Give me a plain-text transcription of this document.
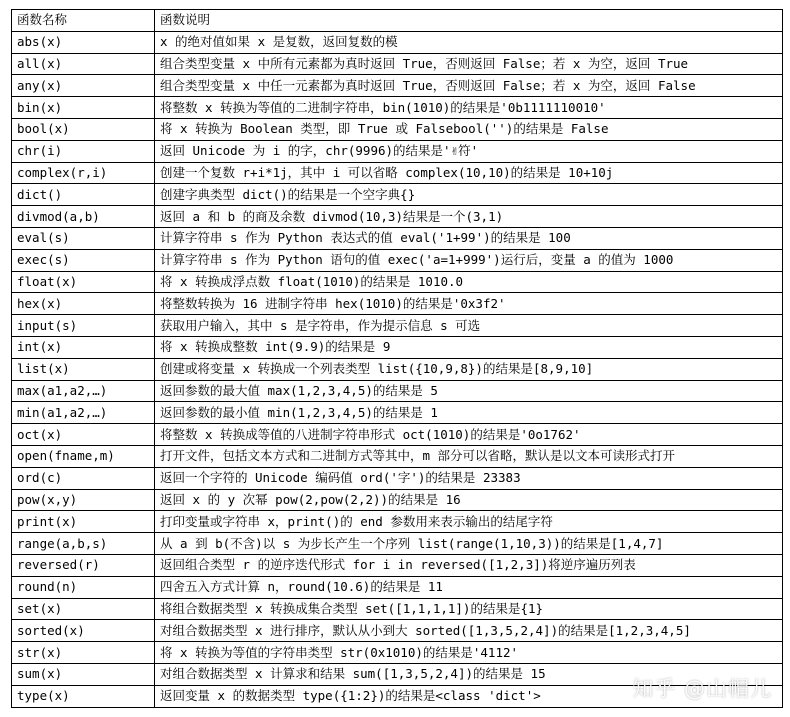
函数名称	函数说明
abs(x)	x 的绝对值如果 x 是复数，返回复数的模
all(x)	组合类型变量 x 中所有元素都为真时返回 True，否则返回 False；若 x 为空，返回 True
any(x)	组合类型变量 x 中任一元素都为真时返回 True，否则返回 False；若 x 为空，返回 False
bin(x)	将整数 x 转换为等值的二进制字符串，bin(1010)的结果是'0b1111110010'
bool(x)	将 x 转换为 Boolean 类型，即 True 或 Falsebool('')的结果是 False
chr(i)	返回 Unicode 为 i 的字，chr(9996)的结果是'✌符'
complex(r,i)	创建一个复数 r+i*1j，其中 i 可以省略 complex(10,10)的结果是 10+10j
dict()	创建字典类型 dict()的结果是一个空字典{}
divmod(a,b)	返回 a 和 b 的商及余数 divmod(10,3)结果是一个(3,1)
eval(s)	计算字符串 s 作为 Python 表达式的值 eval('1+99')的结果是 100
exec(s)	计算字符串 s 作为 Python 语句的值 exec('a=1+999')运行后，变量 a 的值为 1000
float(x)	将 x 转换成浮点数 float(1010)的结果是 1010.0
hex(x)	将整数转换为 16 进制字符串 hex(1010)的结果是'0x3f2'
input(s)	获取用户输入，其中 s 是字符串，作为提示信息 s 可选
int(x)	将 x 转换成整数 int(9.9)的结果是 9
list(x)	创建或将变量 x 转换成一个列表类型 list({10,9,8})的结果是[8,9,10]
max(a1,a2,…)	返回参数的最大值 max(1,2,3,4,5)的结果是 5
min(a1,a2,…)	返回参数的最小值 min(1,2,3,4,5)的结果是 1
oct(x)	将整数 x 转换成等值的八进制字符串形式 oct(1010)的结果是'0o1762'
open(fname,m)	打开文件，包括文本方式和二进制方式等其中，m 部分可以省略，默认是以文本可读形式打开
ord(c)	返回一个字符的 Unicode 编码值 ord('字')的结果是 23383
pow(x,y)	返回 x 的 y 次幂 pow(2,pow(2,2))的结果是 16
print(x)	打印变量或字符串 x，print()的 end 参数用来表示输出的结尾字符
range(a,b,s)	从 a 到 b(不含)以 s 为步长产生一个序列 list(range(1,10,3))的结果是[1,4,7]
reversed(r)	返回组合类型 r 的逆序迭代形式 for i in reversed([1,2,3])将逆序遍历列表
round(n)	四舍五入方式计算 n，round(10.6)的结果是 11
set(x)	将组合数据类型 x 转换成集合类型 set([1,1,1,1])的结果是{1}
sorted(x)	对组合数据类型 x 进行排序，默认从小到大 sorted([1,3,5,2,4])的结果是[1,2,3,4,5]
str(x)	将 x 转换为等值的字符串类型 str(0x1010)的结果是'4112'
sum(x)	对组合数据类型 x 计算求和结果 sum([1,3,5,2,4])的结果是 15
type(x)	返回变量 x 的数据类型 type({1:2})的结果是<class 'dict'>	知乎 @山帽儿
